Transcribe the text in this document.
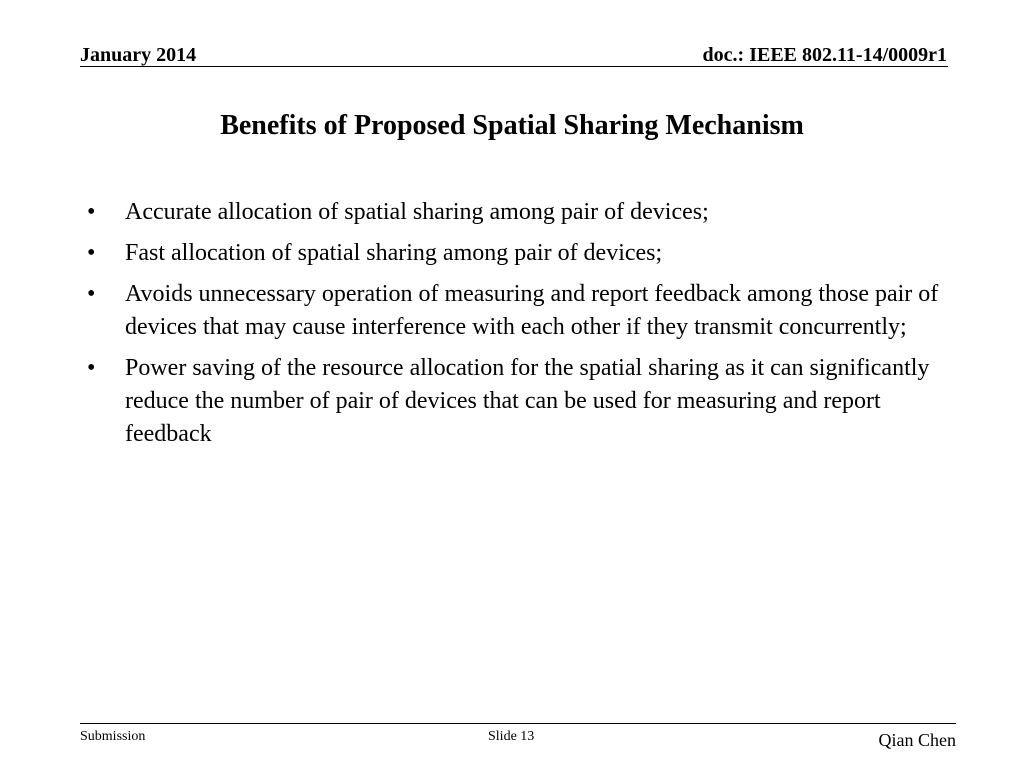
January 2014	doc.: IEEE 802.11-14/0009r1
Benefits of Proposed Spatial Sharing Mechanism
•	Accurate allocation of spatial sharing among pair of devices;
•	Fast allocation of spatial sharing among pair of devices;
•	Avoids unnecessary operation of measuring and report feedback among those pair of devices that may cause interference with each other if they transmit concurrently;
•	Power saving of the resource allocation for the spatial sharing as it can significantly reduce the number of pair of devices that can be used for measuring and report feedback
Submission	Slide 13	Qian Chen
